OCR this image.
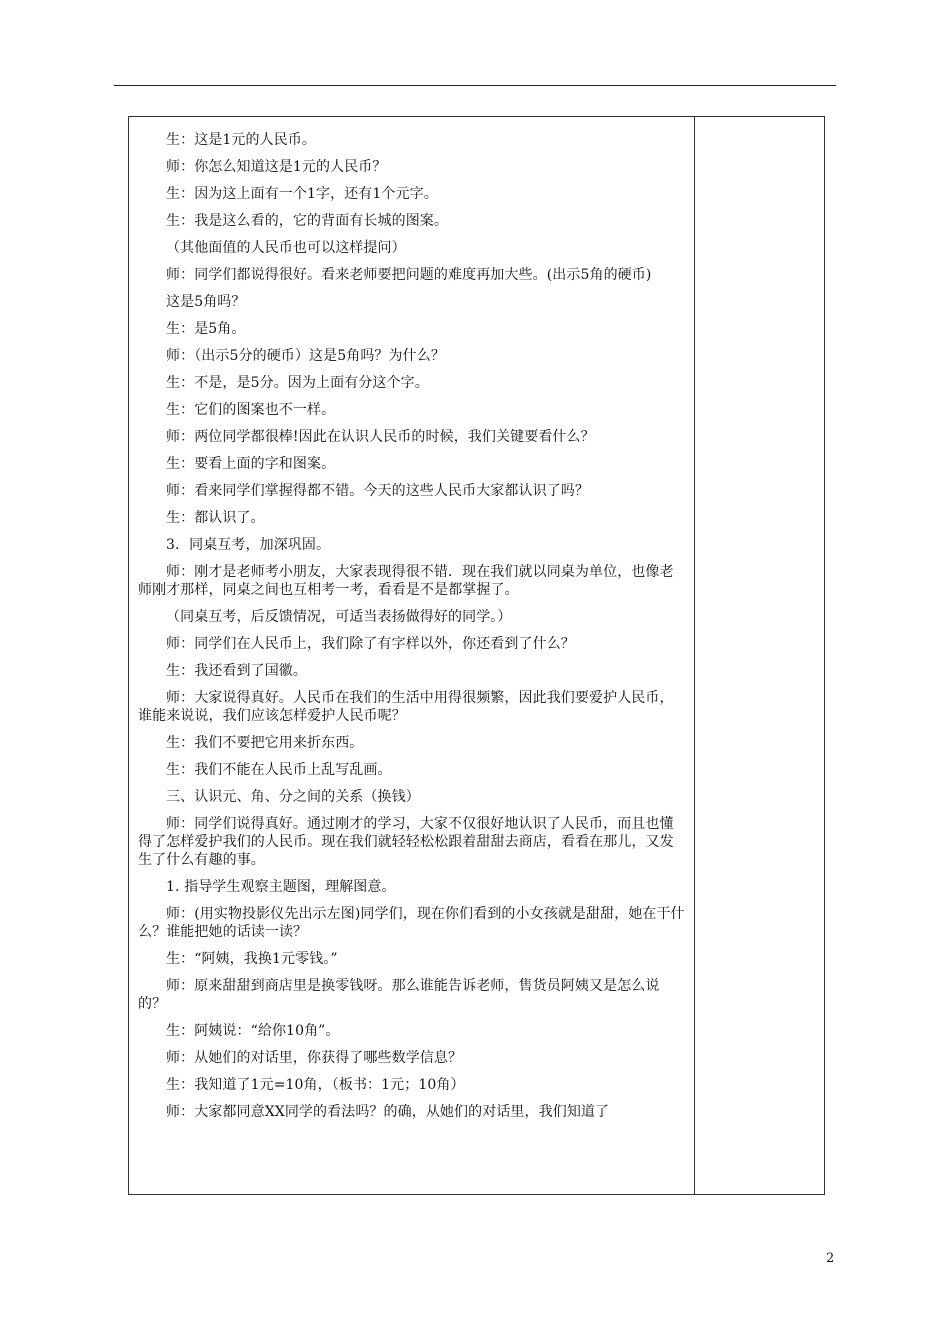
生：这是1元的人民币。

师：你怎么知道这是1元的人民币？

生：因为这上面有一个1字，还有1个元字。

生：我是这么看的，它的背面有长城的图案。

（其他面值的人民币也可以这样提问）

师：同学们都说得很好。看来老师要把问题的难度再加大些。(出示5角的硬币)

这是5角吗？

生：是5角。

师：（出示5分的硬币）这是5角吗？为什么？

生：不是，是5分。因为上面有分这个字。

生：它们的图案也不一样。

师：两位同学都很棒!因此在认识人民币的时候，我们关键要看什么？

生：要看上面的字和图案。

师：看来同学们掌握得都不错。今天的这些人民币大家都认识了吗？

生：都认识了。

3．同桌互考，加深巩固。

师：刚才是老师考小朋友，大家表现得很不错．现在我们就以同桌为单位，也像老师刚才那样，同桌之间也互相考一考，看看是不是都掌握了。

（同桌互考，后反馈情况，可适当表扬做得好的同学。）

师：同学们在人民币上，我们除了有字样以外，你还看到了什么？

生：我还看到了国徽。

师：大家说得真好。人民币在我们的生活中用得很频繁，因此我们要爱护人民币，谁能来说说，我们应该怎样爱护人民币呢？

生：我们不要把它用来折东西。

生：我们不能在人民币上乱写乱画。

三、认识元、角、分之间的关系（换钱）

师：同学们说得真好。通过刚才的学习，大家不仅很好地认识了人民币，而且也懂得了怎样爱护我们的人民币。现在我们就轻轻松松跟着甜甜去商店，看看在那儿，又发生了什么有趣的事。

1. 指导学生观察主题图，理解图意。

师：(用实物投影仪先出示左图)同学们，现在你们看到的小女孩就是甜甜，她在干什么？谁能把她的话读一读？

生：“阿姨，我换1元零钱。”

师：原来甜甜到商店里是换零钱呀。那么谁能告诉老师，售货员阿姨又是怎么说的？

生：阿姨说：“给你10角”。

师：从她们的对话里，你获得了哪些数学信息？

生：我知道了1元=10角，（板书：1元；10角）

师：大家都同意XX同学的看法吗？的确，从她们的对话里，我们知道了

2
